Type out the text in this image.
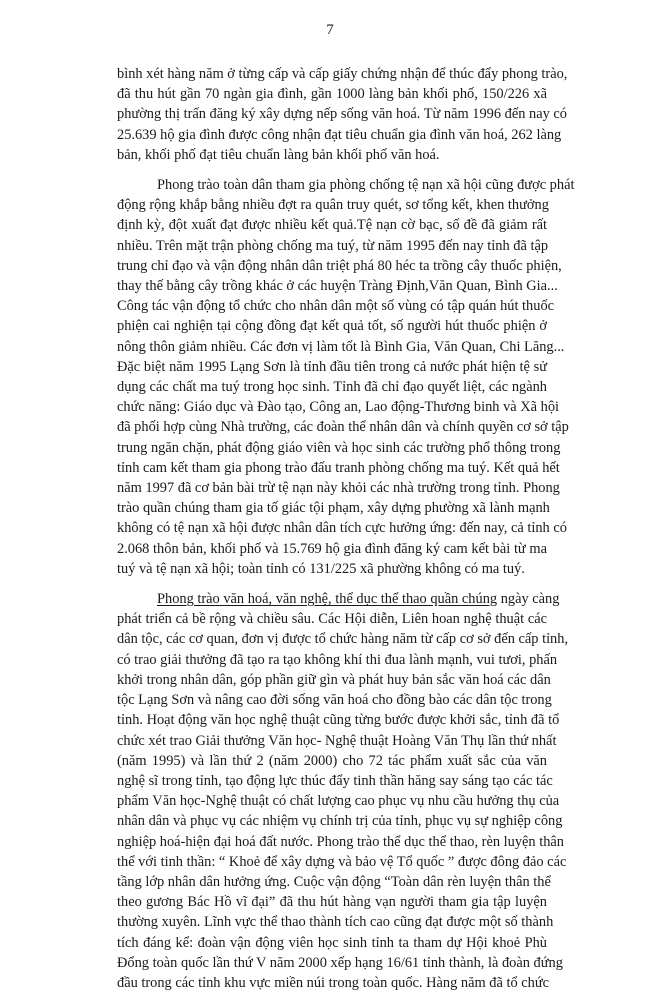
7
bình xét hàng năm ở từng cấp và cấp giấy chứng nhận để thúc đẩy phong trào,
đã thu hút gần 70 ngàn gia đình, gần 1000 làng bản khối phố, 150/226 xã
phường thị trấn đăng ký xây dựng nếp sống văn hoá. Từ năm 1996 đến nay có
25.639 hộ gia đình được công nhận đạt tiêu chuẩn gia đình văn hoá, 262 làng
bản, khối phố đạt tiêu chuẩn làng bản khối phố văn hoá.
Phong trào toàn dân tham gia phòng chống tệ nạn xã hội cũng được phát
động rộng khắp bằng nhiều đợt ra quân truy quét, sơ tổng kết, khen thưởng
định kỳ, đột xuất đạt được nhiều kết quả.Tệ nạn cờ bạc, số đề đã giảm rất
nhiều. Trên mặt trận phòng chống ma tuý, từ năm 1995 đến nay tỉnh đã tập
trung chỉ đạo và vận động nhân dân triệt phá 80 héc ta trồng cây thuốc phiện,
thay thế bằng cây trồng khác ở các huyện Tràng Định,Văn Quan, Bình Gia...
Công tác vận động tổ chức cho nhân dân một số vùng có tập quán hút thuốc
phiện cai nghiện tại cộng đồng đạt kết quả tốt, số người hút thuốc phiện ở
nông thôn giảm nhiều. Các đơn vị làm tốt là Bình Gia, Văn Quan, Chi Lăng...
Đặc biệt năm 1995 Lạng Sơn là tỉnh đầu tiên trong cả nước phát hiện tệ sử
dụng các chất ma tuý trong học sinh. Tỉnh đã chỉ đạo quyết liệt, các ngành
chức năng: Giáo dục và Đào tạo, Công an, Lao động-Thương binh và Xã hội
đã phối hợp cùng Nhà trường, các đoàn thể nhân dân và chính quyền cơ sở tập
trung ngăn chặn, phát động giáo viên và học sinh các trường phổ thông trong
tỉnh cam kết tham gia phong trào đấu tranh phòng chống ma tuý. Kết quả hết
năm 1997 đã cơ bản bài trừ tệ nạn này khỏi các nhà trường trong tỉnh. Phong
trào quần chúng tham gia tố giác tội phạm, xây dựng phường xã lành mạnh
không có tệ nạn xã hội được nhân dân tích cực hưởng ứng: đến nay, cả tỉnh có
2.068 thôn bản, khối phố và 15.769 hộ gia đình đăng ký cam kết bài từ ma
tuý và tệ nạn xã hội; toàn tỉnh có 131/225 xã phường không có ma tuý.
Phong trào văn hoá, văn nghệ, thể dục thể thao quần chúng ngày càng
phát triển cả bề rộng và chiều sâu. Các Hội diễn, Liên hoan nghệ thuật các
dân tộc, các cơ quan, đơn vị được tổ chức hàng năm từ cấp cơ sở đến cấp tỉnh,
có trao giải thưởng đã tạo ra tạo không khí thi đua lành mạnh, vui tươi, phấn
khởi trong nhân dân, góp phần giữ gìn và phát huy bản sắc văn hoá các dân
tộc Lạng Sơn và nâng cao đời sống văn hoá cho đồng bào các dân tộc trong
tỉnh. Hoạt động văn học nghệ thuật cũng từng bước được khởi sắc, tỉnh đã tổ
chức xét trao Giải thưởng Văn học- Nghệ thuật Hoàng Văn Thụ lần thứ nhất
(năm 1995) và lần thứ 2 (năm 2000) cho 72 tác phẩm xuất sắc của văn
nghệ sĩ trong tỉnh, tạo động lực thúc đẩy tinh thần hăng say sáng tạo các tác
phẩm Văn học-Nghệ thuật có chất lượng cao phục vụ nhu cầu hưởng thụ của
nhân dân và phục vụ các nhiệm vụ chính trị của tỉnh, phục vụ sự nghiệp công
nghiệp hoá-hiện đại hoá đất nước. Phong trào thể dục thể thao, rèn luyện thân
thể với tinh thần: “ Khoẻ để xây dựng và bảo vệ Tổ quốc ” được đông đảo các
tầng lớp nhân dân hưởng ứng. Cuộc vận động “Toàn dân rèn luyện thân thể
theo gương Bác Hồ vĩ đại” đã thu hút hàng vạn người tham gia tập luyện
thường xuyên. Lĩnh vực thể thao thành tích cao cũng đạt được một số thành
tích đáng kể: đoàn vận động viên học sinh tỉnh ta tham dự Hội khoẻ Phù
Đổng toàn quốc lần thứ V năm 2000 xếp hạng 16/61 tỉnh thành, là đoàn đứng
đầu trong các tỉnh khu vực miền núi trong toàn quốc. Hàng năm đã tổ chức
